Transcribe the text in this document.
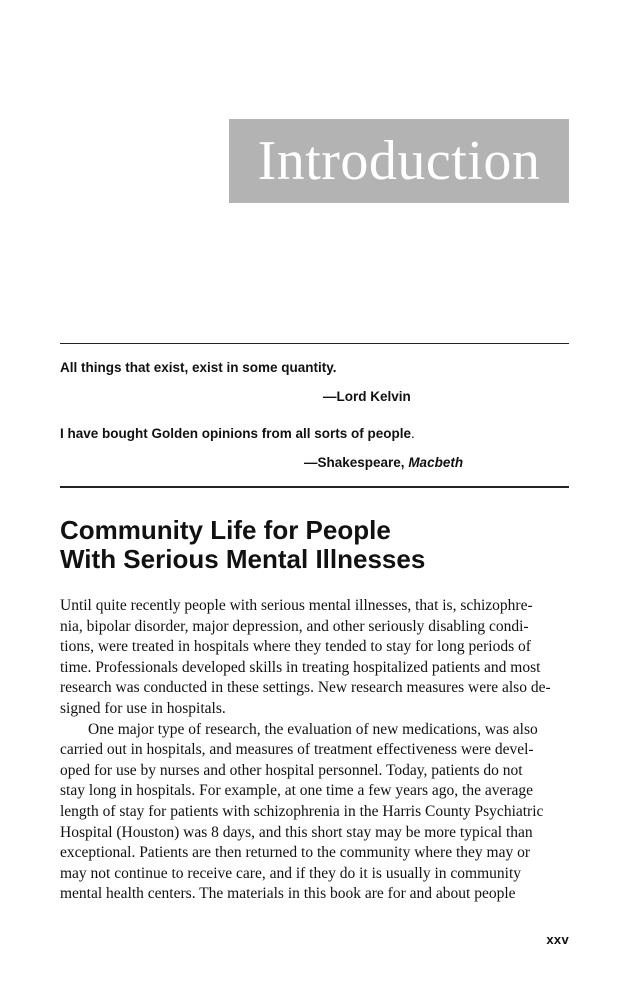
Introduction
All things that exist, exist in some quantity.
—Lord Kelvin
I have bought Golden opinions from all sorts of people.
—Shakespeare, Macbeth
Community Life for People
With Serious Mental Illnesses
Until quite recently people with serious mental illnesses, that is, schizophre-
nia, bipolar disorder, major depression, and other seriously disabling condi-
tions, were treated in hospitals where they tended to stay for long periods of
time. Professionals developed skills in treating hospitalized patients and most
research was conducted in these settings. New research measures were also de-
signed for use in hospitals.
One major type of research, the evaluation of new medications, was also
carried out in hospitals, and measures of treatment effectiveness were devel-
oped for use by nurses and other hospital personnel. Today, patients do not
stay long in hospitals. For example, at one time a few years ago, the average
length of stay for patients with schizophrenia in the Harris County Psychiatric
Hospital (Houston) was 8 days, and this short stay may be more typical than
exceptional. Patients are then returned to the community where they may or
may not continue to receive care, and if they do it is usually in community
mental health centers. The materials in this book are for and about people
xxv
